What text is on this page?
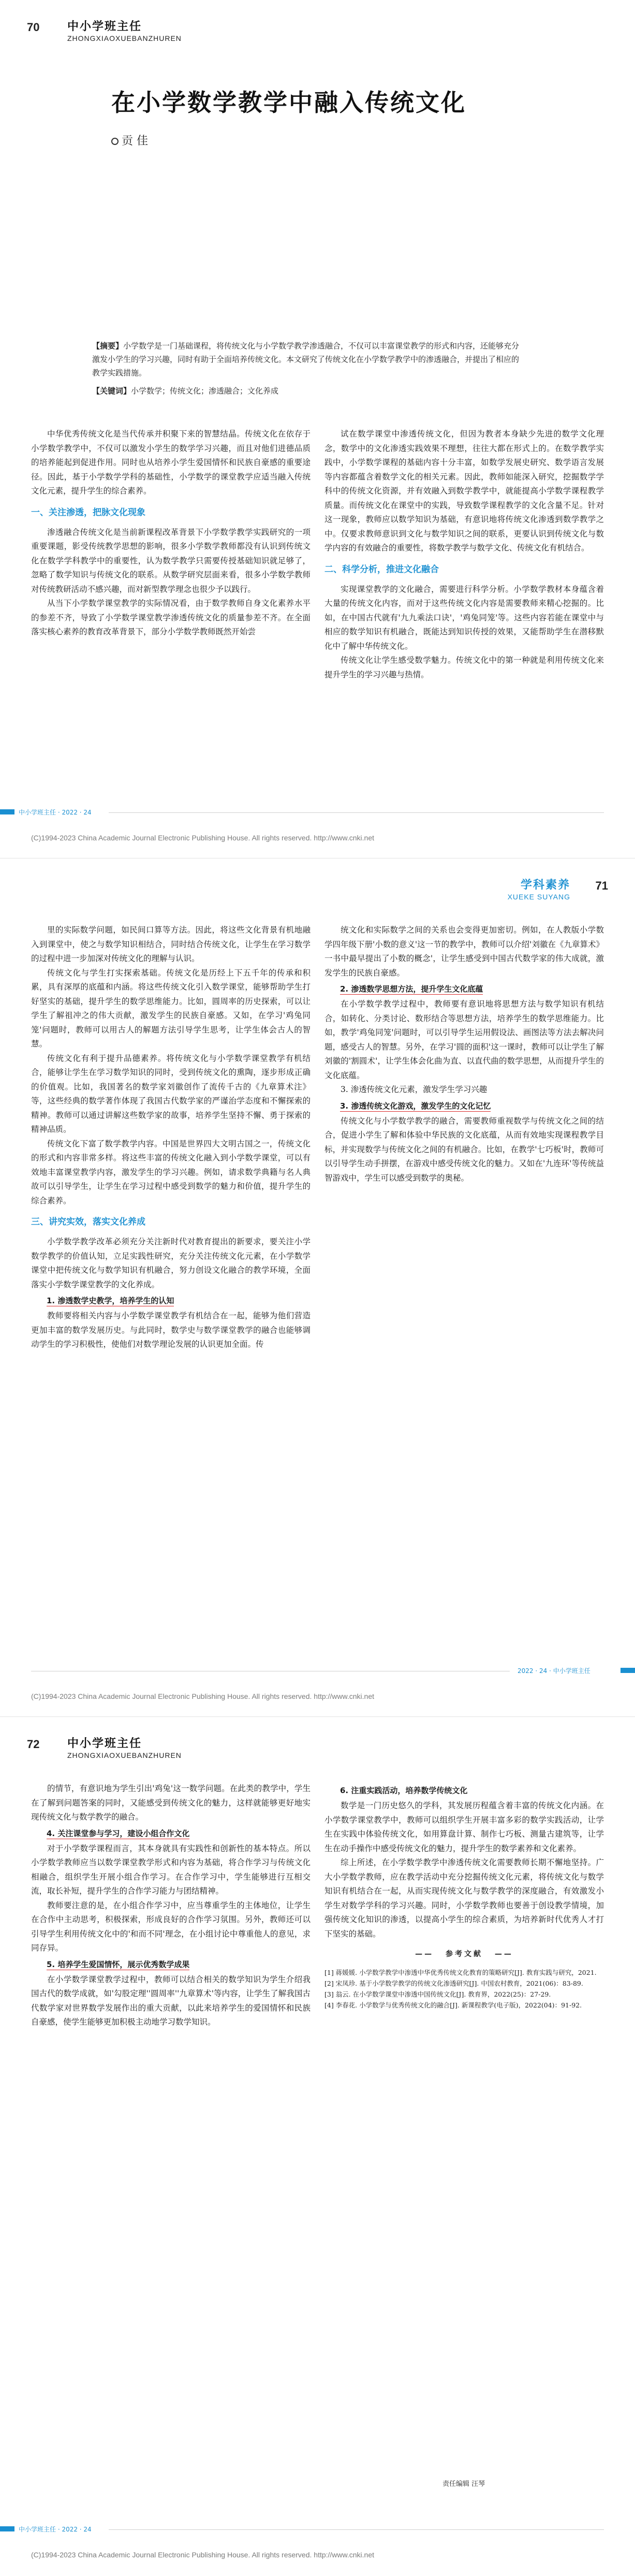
70 中小学班主任
ZHONGXIAOXUEBANZHUREN
在小学数学教学中融入传统文化
贡 佳
【摘要】小学数学是一门基础课程，将传统文化与小学数学教学渗透融合，不仅可以丰富课堂教学的形式和内容，还能够充分激发小学生的学习兴趣，同时有助于全面培养传统文化。本文研究了传统文化在小学数学教学中的渗透融合，并提出了相应的教学实践措施。
【关键词】小学数学；传统文化；渗透融合；文化养成

中华优秀传统文化是当代传承并积聚下来的智慧结晶。传统文化在依存于小学数学教学中，不仅可以激发小学生的数学学习兴趣，而且对他们进德品质的培养能起到促进作用。同时也从培养小学生爱国情怀和民族自豪感的重要途径。因此，基于小学数学学科的基础性，小学数学的课堂教学应适当融入传统文化元素，提升学生的综合素养。

一、关注渗透，把脉文化现象

渗透融合传统文化是当前新课程改革背景下小学数学教学实践研究的一项重要课题，影受传统教学思想的影响，很多小学数学教师都没有认识到传统文化在数学学科教学中的重要性，认为数学教学只需要传授基础知识就足够了，忽略了数学知识与传统文化的联系。从数学研究层面来看，很多小学数学教师对传统教研活动不感兴趣，而对新型教学理念也很少予以践行。

从当下小学数学课堂教学的实际情况看，由于数学教师自身文化素养水平的参差不齐，导致了小学数学课堂教学渗透传统文化的质量参差不齐。在全面落实核心素养的教育改革背景下，部分小学数学教师既然开始尝

试在数学课堂中渗透传统文化，但因为教者本身缺少先进的数学文化理念，数学中的文化渗透实践效果不理想，往往大都在形式上的。在数学教学实践中，小学数学课程的基础内容十分丰富，如数学发展史研究、数学语言发展等内容都蕴含着数学文化的相关元素。因此，教师如能深入研究，挖掘数学学科中的传统文化资源，并有效融入到数学教学中，就能提高小学数学课程教学质量。而传统文化在课堂中的实践，导致数学课程教学的文化含量不足。针对这一现象，教师应以数学知识为基础，有意识地将传统文化渗透到数学教学之中。仅要求教师意识到文化与数学知识之间的联系，更要认识到传统文化与数学内容的有效融合的重要性，将数学教学与数学文化、传统文化有机结合。

二、科学分析，推进文化融合

实现课堂教学的文化融合，需要进行科学分析。小学数学教材本身蕴含着大量的传统文化内容，而对于这些传统文化内容是需要教师来精心挖掘的。比如，在中国古代就有'九九乘法口诀'，'鸡兔同笼'等。这些内容若能在课堂中与相应的数学知识有机融合，既能达到知识传授的效果，又能帮助学生在潜移默化中了解中华传统文化。

传统文化让学生感受数学魅力。传统文化中的第一种就是利用传统文化来提升学生的学习兴趣与热情。

中小学班主任 · 2022 · 24
(C)1994-2023 China Academic Journal Electronic Publishing House. All rights reserved. http://www.cnki.net
学科素养
XUEKE SUYANG
71

里的实际数学问题，如民间口算等方法。因此，将这些文化背景有机地融入到课堂中，使之与数学知识相结合，同时结合传统文化，让学生在学习数学的过程中进一步加深对传统文化的理解与认识。

传统文化与学生打实探索基础。传统文化是历经上下五千年的传承和积累，具有深厚的底蕴和内涵。将这些传统文化引入数学课堂，能够帮助学生打好坚实的基础，提升学生的数学思维能力。比如，圆周率的历史探索，可以让学生了解祖冲之的伟大贡献，激发学生的民族自豪感。又如，在学习'鸡兔同笼'问题时，教师可以用古人的解题方法引导学生思考，让学生体会古人的智慧。

传统文化有利于提升品德素养。将传统文化与小学数学课堂教学有机结合，能够让学生在学习数学知识的同时，受到传统文化的熏陶，逐步形成正确的价值观。比如，我国著名的数学家刘徽创作了流传千古的《九章算术注》等，这些经典的数学著作体现了我国古代数学家的严谨治学态度和不懈探索的精神。教师可以通过讲解这些数学家的故事，培养学生坚持不懈、勇于探索的精神品质。

传统文化下富了数学教学内容。中国是世界四大文明古国之一，传统文化的形式和内容非常多样。将这些丰富的传统文化融入到小学数学课堂，可以有效地丰富课堂教学内容，激发学生的学习兴趣。例如，请求数学典籍与名人典故可以引导学生，让学生在学习过程中感受到数学的魅力和价值，提升学生的综合素养。

三、讲究实效，落实文化养成

小学数学教学改革必须充分关注新时代对教育提出的新要求，要关注小学数学教学的价值认知，立足实践性研究，充分关注传统文化元素，在小学数学课堂中把传统文化与数学知识有机融合，努力创设文化融合的教学环境，全面落实小学数学课堂教学的文化养成。

1. 渗透数学史教学，培养学生的认知

教师要将相关内容与小学数学课堂教学有机结合在一起，能够为他们营造更加丰富的数学发展历史。与此同时，数学史与数学课堂教学的融合也能够调动学生的学习积极性，使他们对数学理论发展的认识更加全面。传

统文化和实际数学之间的关系也会变得更加密切。例如，在人教版小学数学四年级下册'小数的意义'这一节的教学中，教师可以介绍'刘徽在《九章算术》一书中最早提出了小数的概念'，让学生感受到中国古代数学家的伟大成就，激发学生的民族自豪感。

2. 渗透数学思想方法，提升学生文化底蕴

在小学数学教学过程中，教师要有意识地将思想方法与数学知识有机结合，如转化、分类讨论、数形结合等思想方法，培养学生的数学思维能力。比如，教学'鸡兔同笼'问题时，可以引导学生运用假设法、画图法等方法去解决问题，感受古人的智慧。另外，在学习'圆的面积'这一课时，教师可以让学生了解刘徽的'割圆术'，让学生体会化曲为直、以直代曲的数学思想，从而提升学生的文化底蕴。

3. 渗透传统文化元素，激发学生学习兴趣

3. 渗透传统文化游戏，激发学生的文化记忆

传统文化与小学数学教学的融合，需要教师重视数学与传统文化之间的结合，促进小学生了解和体验中华民族的文化底蕴，从而有效地实现课程教学目标，并实现数学与传统文化之间的有机融合。比如，在教学'七巧板'时，教师可以引导学生动手拼摆，在游戏中感受传统文化的魅力。又如在'九连环'等传统益智游戏中，学生可以感受到数学的奥秘。

2022 · 24 · 中小学班主任
(C)1994-2023 China Academic Journal Electronic Publishing House. All rights reserved. http://www.cnki.net
72 中小学班主任
ZHONGXIAOXUEBANZHUREN

的情节，有意识地为学生引出'鸡兔'这一数学问题。在此类的教学中，学生在了解到问题答案的同时，又能感受到传统文化的魅力，这样就能够更好地实现传统文化与数学教学的融合。

4. 关注课堂参与学习，建设小组合作文化

对于小学数学课程而言，其本身就具有实践性和创新性的基本特点。所以小学数学教师应当以数学课堂教学形式和内容为基础，将合作学习与传统文化相融合，组织学生开展小组合作学习。在合作学习中，学生能够进行互相交流，取长补短，提升学生的合作学习能力与团结精神。

教师要注意的是，在小组合作学习中，应当尊重学生的主体地位，让学生在合作中主动思考，积极探索，形成良好的合作学习氛围。另外，教师还可以引导学生利用传统文化中的'和而不同'理念，在小组讨论中尊重他人的意见，求同存异。

5. 培养学生爱国情怀，展示优秀数学成果

在小学数学课堂教学过程中，教师可以结合相关的数学知识为学生介绍我国古代的数学成就，如'勾股定理''圆周率''九章算术'等内容，让学生了解我国古代数学家对世界数学发展作出的重大贡献，以此来培养学生的爱国情怀和民族自豪感，使学生能够更加积极主动地学习数学知识。

6. 注重实践活动，培养数学传统文化

数学是一门历史悠久的学科，其发展历程蕴含着丰富的传统文化内涵。在小学数学课堂教学中，教师可以组织学生开展丰富多彩的数学实践活动，让学生在实践中体验传统文化，如用算盘计算、制作七巧板、测量古建筑等，让学生在动手操作中感受传统文化的魅力，提升学生的数学素养和文化素养。

综上所述，在小学数学教学中渗透传统文化需要教师长期不懈地坚持。广大小学数学教师，应在教学活动中充分挖掘传统文化元素，将传统文化与数学知识有机结合在一起，从而实现传统文化与数学教学的深度融合，有效激发小学生对数学学科的学习兴趣。同时，小学数学教师也要善于创设教学情境，加强传统文化知识的渗透，以提高小学生的综合素质，为培养新时代优秀人才打下坚实的基础。

—— 参考文献 ——

[1] 蒋媛媛. 小学数学教学中渗透中华优秀传统文化教育的策略研究[J]. 教育实践与研究，2021.

[2] 宋凤珍. 基于小学数学教学的传统文化渗透研究[J]. 中国农村教育，2021(06)：83-89.

[3] 翁云. 在小学数学课堂中渗透中国传统文化[J]. 教育界，2022(25)：27-29.

[4] 李春花. 小学数学与优秀传统文化的融合[J]. 新课程教学(电子版)，2022(04)：91-92.

责任编辑 汪琴
中小学班主任 · 2022 · 24
(C)1994-2023 China Academic Journal Electronic Publishing House. All rights reserved. http://www.cnki.net
